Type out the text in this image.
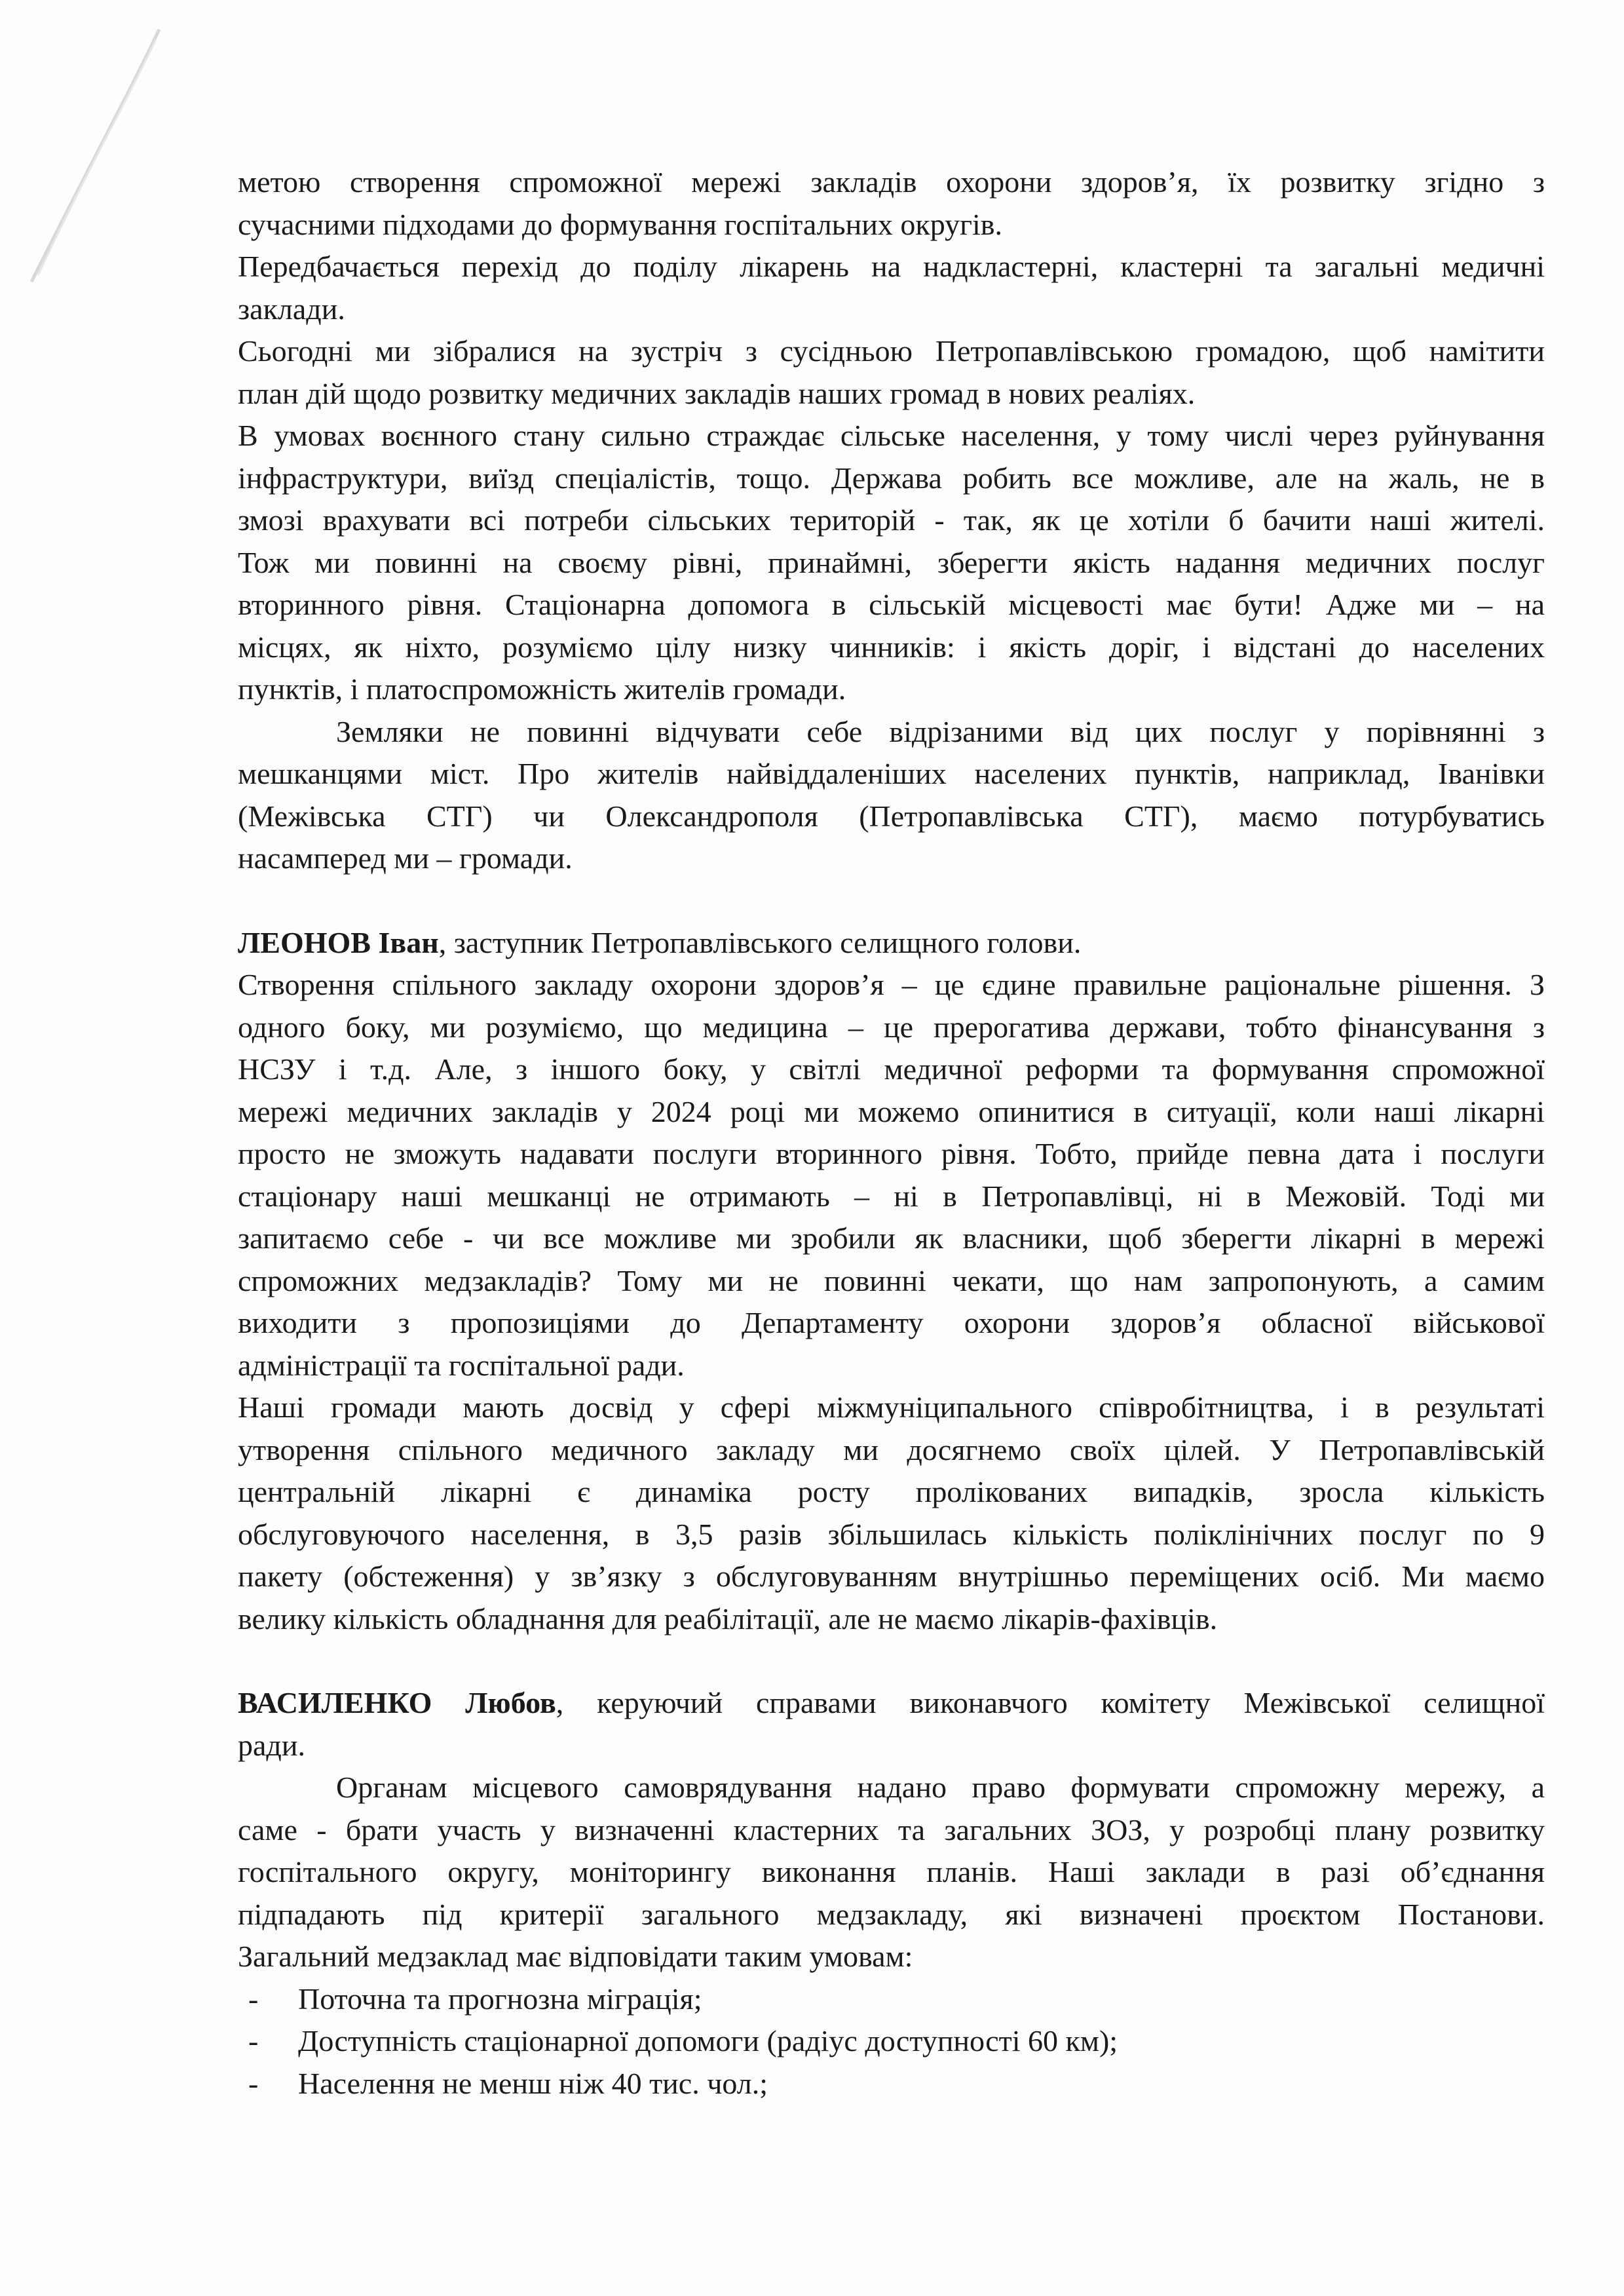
метою створення спроможної мережі закладів охорони здоров’я, їх розвитку згідно з

сучасними підходами до формування госпітальних округів.

Передбачається перехід до поділу лікарень на надкластерні, кластерні та загальні медичні

заклади.

Сьогодні ми зібралися на зустріч з сусідньою Петропавлівською громадою, щоб намітити

план дій щодо розвитку медичних закладів наших громад в нових реаліях.

В умовах воєнного стану сильно страждає сільське населення, у тому числі через руйнування

інфраструктури, виїзд спеціалістів, тощо. Держава робить все можливе, але на жаль, не в

змозі врахувати всі потреби сільських територій - так, як це хотіли б бачити наші жителі.

Тож ми повинні на своєму рівні, принаймні, зберегти якість надання медичних послуг

вторинного рівня. Стаціонарна допомога в сільській місцевості має бути! Адже ми – на

місцях, як ніхто, розуміємо цілу низку чинників: і якість доріг, і відстані до населених

пунктів, і платоспроможність жителів громади.

Земляки не повинні відчувати себе відрізаними від цих послуг у порівнянні з

мешканцями міст. Про жителів найвіддаленіших населених пунктів, наприклад, Іванівки

(Межівська СТГ) чи Олександрополя (Петропавлівська СТГ), маємо потурбуватись

насамперед ми – громади.

ЛЕОНОВ Іван, заступник Петропавлівського селищного голови.

Створення спільного закладу охорони здоров’я – це єдине правильне раціональне рішення. З

одного боку, ми розуміємо, що медицина – це прерогатива держави, тобто фінансування з

НСЗУ і т.д. Але, з іншого боку, у світлі медичної реформи та формування спроможної

мережі медичних закладів у 2024 році ми можемо опинитися в ситуації, коли наші лікарні

просто не зможуть надавати послуги вторинного рівня. Тобто, прийде певна дата і послуги

стаціонару наші мешканці не отримають – ні в Петропавлівці, ні в Межовій. Тоді ми

запитаємо себе - чи все можливе ми зробили як власники, щоб зберегти лікарні в мережі

спроможних медзакладів? Тому ми не повинні чекати, що нам запропонують, а самим

виходити з пропозиціями до Департаменту охорони здоров’я обласної військової

адміністрації та госпітальної ради.

Наші громади мають досвід у сфері міжмуніципального співробітництва, і в результаті

утворення спільного медичного закладу ми досягнемо своїх цілей. У Петропавлівській

центральній лікарні є динаміка росту пролікованих випадків, зросла кількість

обслуговуючого населення, в 3,5 разів збільшилась кількість поліклінічних послуг по 9

пакету (обстеження) у зв’язку з обслуговуванням внутрішньо переміщених осіб. Ми маємо

велику кількість обладнання для реабілітації, але не маємо лікарів-фахівців.

ВАСИЛЕНКО Любов, керуючий справами виконавчого комітету Межівської селищної

ради.

Органам місцевого самоврядування надано право формувати спроможну мережу, а

саме - брати участь у визначенні кластерних та загальних ЗОЗ, у розробці плану розвитку

госпітального округу, моніторингу виконання планів. Наші заклади в разі об’єднання

підпадають під критерії загального медзакладу, які визначені проєктом Постанови.

Загальний медзаклад має відповідати таким умовам:

- Поточна та прогнозна міграція;
- Доступність стаціонарної допомоги (радіус доступності 60 км);
- Населення не менш ніж 40 тис. чол.;
